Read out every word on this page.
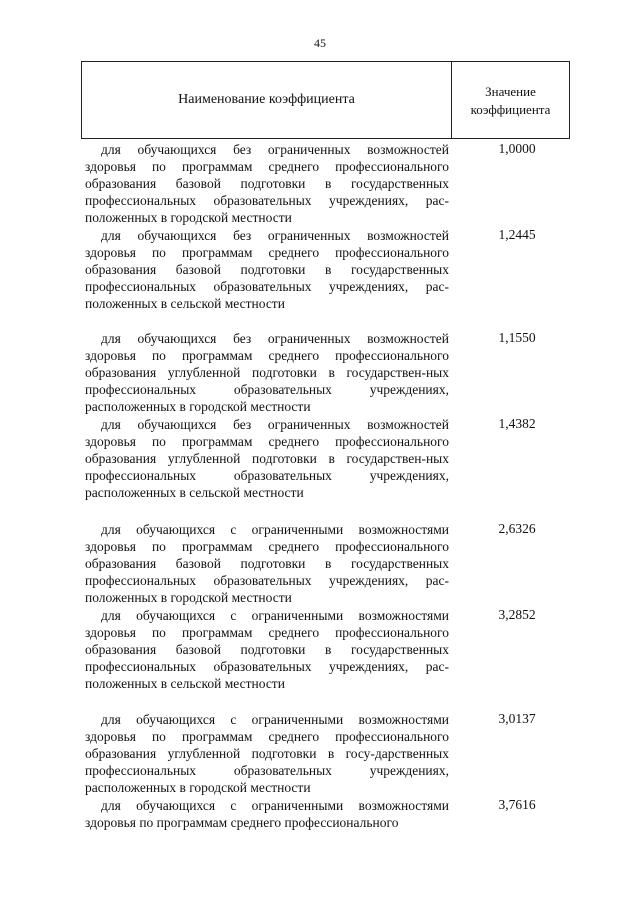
45
Наименование коэффициента
Значение
коэффициента
для обучающихся без ограниченных возможностей здоровья по программам среднего профессионального образования базовой подготовки в государственных профессиональных образовательных учреждениях, рас-положенных в городской местности
1,0000
для обучающихся без ограниченных возможностей здоровья по программам среднего профессионального образования базовой подготовки в государственных профессиональных образовательных учреждениях, рас-положенных в сельской местности
1,2445
для обучающихся без ограниченных возможностей здоровья по программам среднего профессионального образования углубленной подготовки в государствен-ных профессиональных образовательных учреждениях, расположенных в городской местности
1,1550
для обучающихся без ограниченных возможностей здоровья по программам среднего профессионального образования углубленной подготовки в государствен-ных профессиональных образовательных учреждениях, расположенных в сельской местности
1,4382
для обучающихся с ограниченными возможностями здоровья по программам среднего профессионального образования базовой подготовки в государственных профессиональных образовательных учреждениях, рас-положенных в городской местности
2,6326
для обучающихся с ограниченными возможностями здоровья по программам среднего профессионального образования базовой подготовки в государственных профессиональных образовательных учреждениях, рас-положенных в сельской местности
3,2852
для обучающихся с ограниченными возможностями здоровья по программам среднего профессионального образования углубленной подготовки в госу-дарственных профессиональных образовательных учреждениях, расположенных в городской местности
3,0137
для обучающихся с ограниченными возможностями здоровья по программам среднего профессионального
3,7616
